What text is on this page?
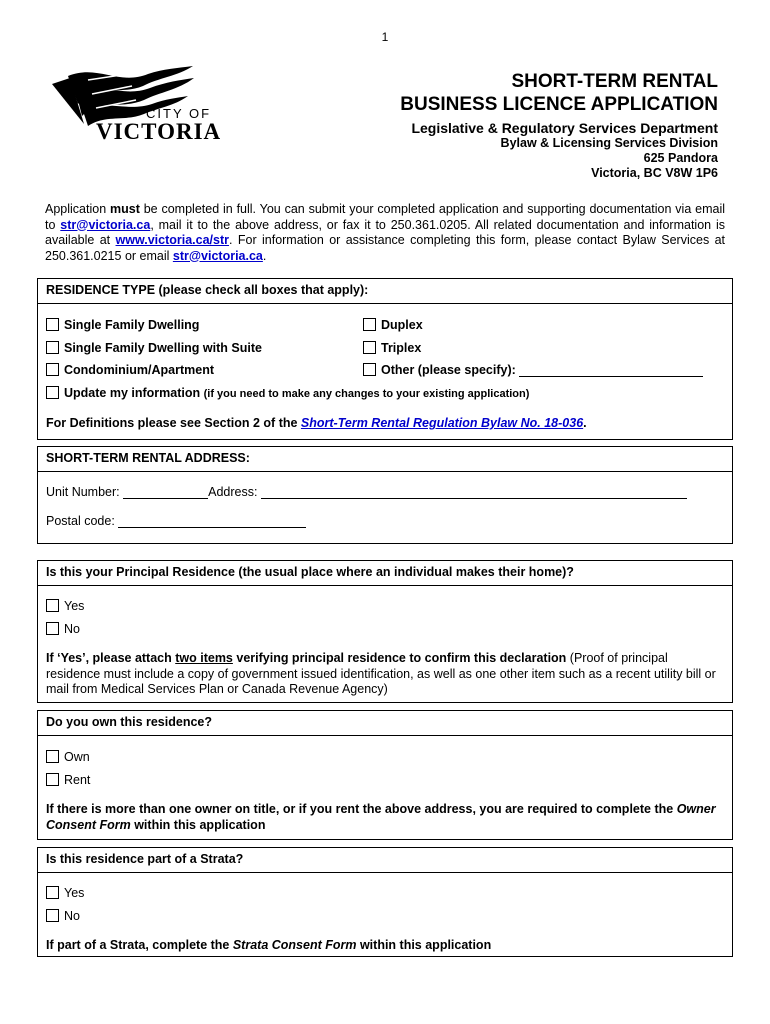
1
CITY OF
VICTORIA
SHORT-TERM RENTAL
BUSINESS LICENCE APPLICATION
Legislative & Regulatory Services Department
Bylaw & Licensing Services Division
625 Pandora
Victoria, BC V8W 1P6
Application must be completed in full. You can submit your completed application and supporting documentation via email to str@victoria.ca, mail it to the above address, or fax it to 250.361.0205. All related documentation and information is available at www.victoria.ca/str. For information or assistance completing this form, please contact Bylaw Services at 250.361.0215 or email str@victoria.ca.
RESIDENCE TYPE (please check all boxes that apply):
Single Family Dwelling	Duplex
Single Family Dwelling with Suite	Triplex
Condominium/Apartment	Other (please specify):
Update my information (if you need to make any changes to your existing application)
For Definitions please see Section 2 of the Short-Term Rental Regulation Bylaw No. 18-036.
SHORT-TERM RENTAL ADDRESS:
Unit Number:	Address:
Postal code:
Is this your Principal Residence (the usual place where an individual makes their home)?
Yes
No
If ‘Yes’, please attach two items verifying principal residence to confirm this declaration (Proof of principal residence must include a copy of government issued identification, as well as one other item such as a recent utility bill or mail from Medical Services Plan or Canada Revenue Agency)
Do you own this residence?
Own
Rent
If there is more than one owner on title, or if you rent the above address, you are required to complete the Owner Consent Form within this application
Is this residence part of a Strata?
Yes
No
If part of a Strata, complete the Strata Consent Form within this application
